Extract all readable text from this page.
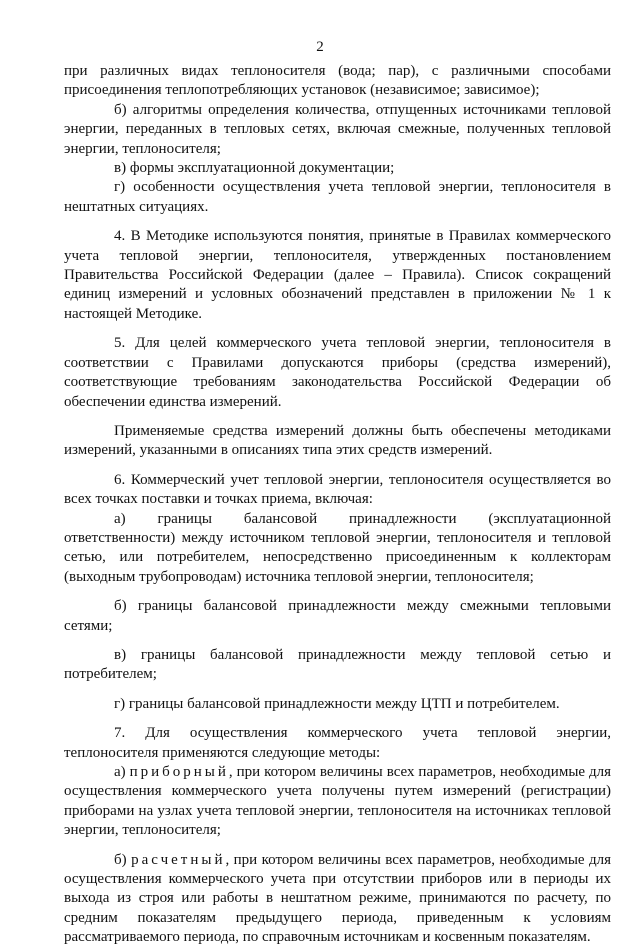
2

при различных видах теплоносителя (вода; пар), с различными способами присоединения теплопотребляющих установок (независимое; зависимое);

б) алгоритмы определения количества, отпущенных источниками тепловой энергии, переданных в тепловых сетях, включая смежные, полученных тепловой энергии, теплоносителя;

в) формы эксплуатационной документации;

г) особенности осуществления учета тепловой энергии, теплоносителя в нештатных ситуациях.

4. В Методике используются понятия, принятые в Правилах коммерческого учета тепловой энергии, теплоносителя, утвержденных постановлением Правительства Российской Федерации (далее – Правила). Список сокращений единиц измерений и условных обозначений представлен в приложении № 1 к настоящей Методике.

5. Для целей коммерческого учета тепловой энергии, теплоносителя в соответствии с Правилами допускаются приборы (средства измерений), соответствующие требованиям законодательства Российской Федерации об обеспечении единства измерений.

Применяемые средства измерений должны быть обеспечены методиками измерений, указанными в описаниях типа этих средств измерений.

6. Коммерческий учет тепловой энергии, теплоносителя осуществляется во всех точках поставки и точках приема, включая:

а) границы балансовой принадлежности (эксплуатационной ответственности) между источником тепловой энергии, теплоносителя и тепловой сетью, или потребителем, непосредственно присоединенным к коллекторам (выходным трубопроводам) источника тепловой энергии, теплоносителя;

б) границы балансовой принадлежности между смежными тепловыми сетями;

в) границы балансовой принадлежности между тепловой сетью и потребителем;

г) границы балансовой принадлежности между ЦТП и потребителем.

7. Для осуществления коммерческого учета тепловой энергии, теплоносителя применяются следующие методы:

а) приборный, при котором величины всех параметров, необходимые для осуществления коммерческого учета получены путем измерений (регистрации) приборами на узлах учета тепловой энергии, теплоносителя на источниках тепловой энергии, теплоносителя;

б) расчетный, при котором величины всех параметров, необходимые для осуществления коммерческого учета при отсутствии приборов или в периоды их выхода из строя или работы в нештатном режиме, принимаются по расчету, по средним показателям предыдущего периода, приведенным к условиям рассматриваемого периода, по справочным источникам и косвенным показателям.
